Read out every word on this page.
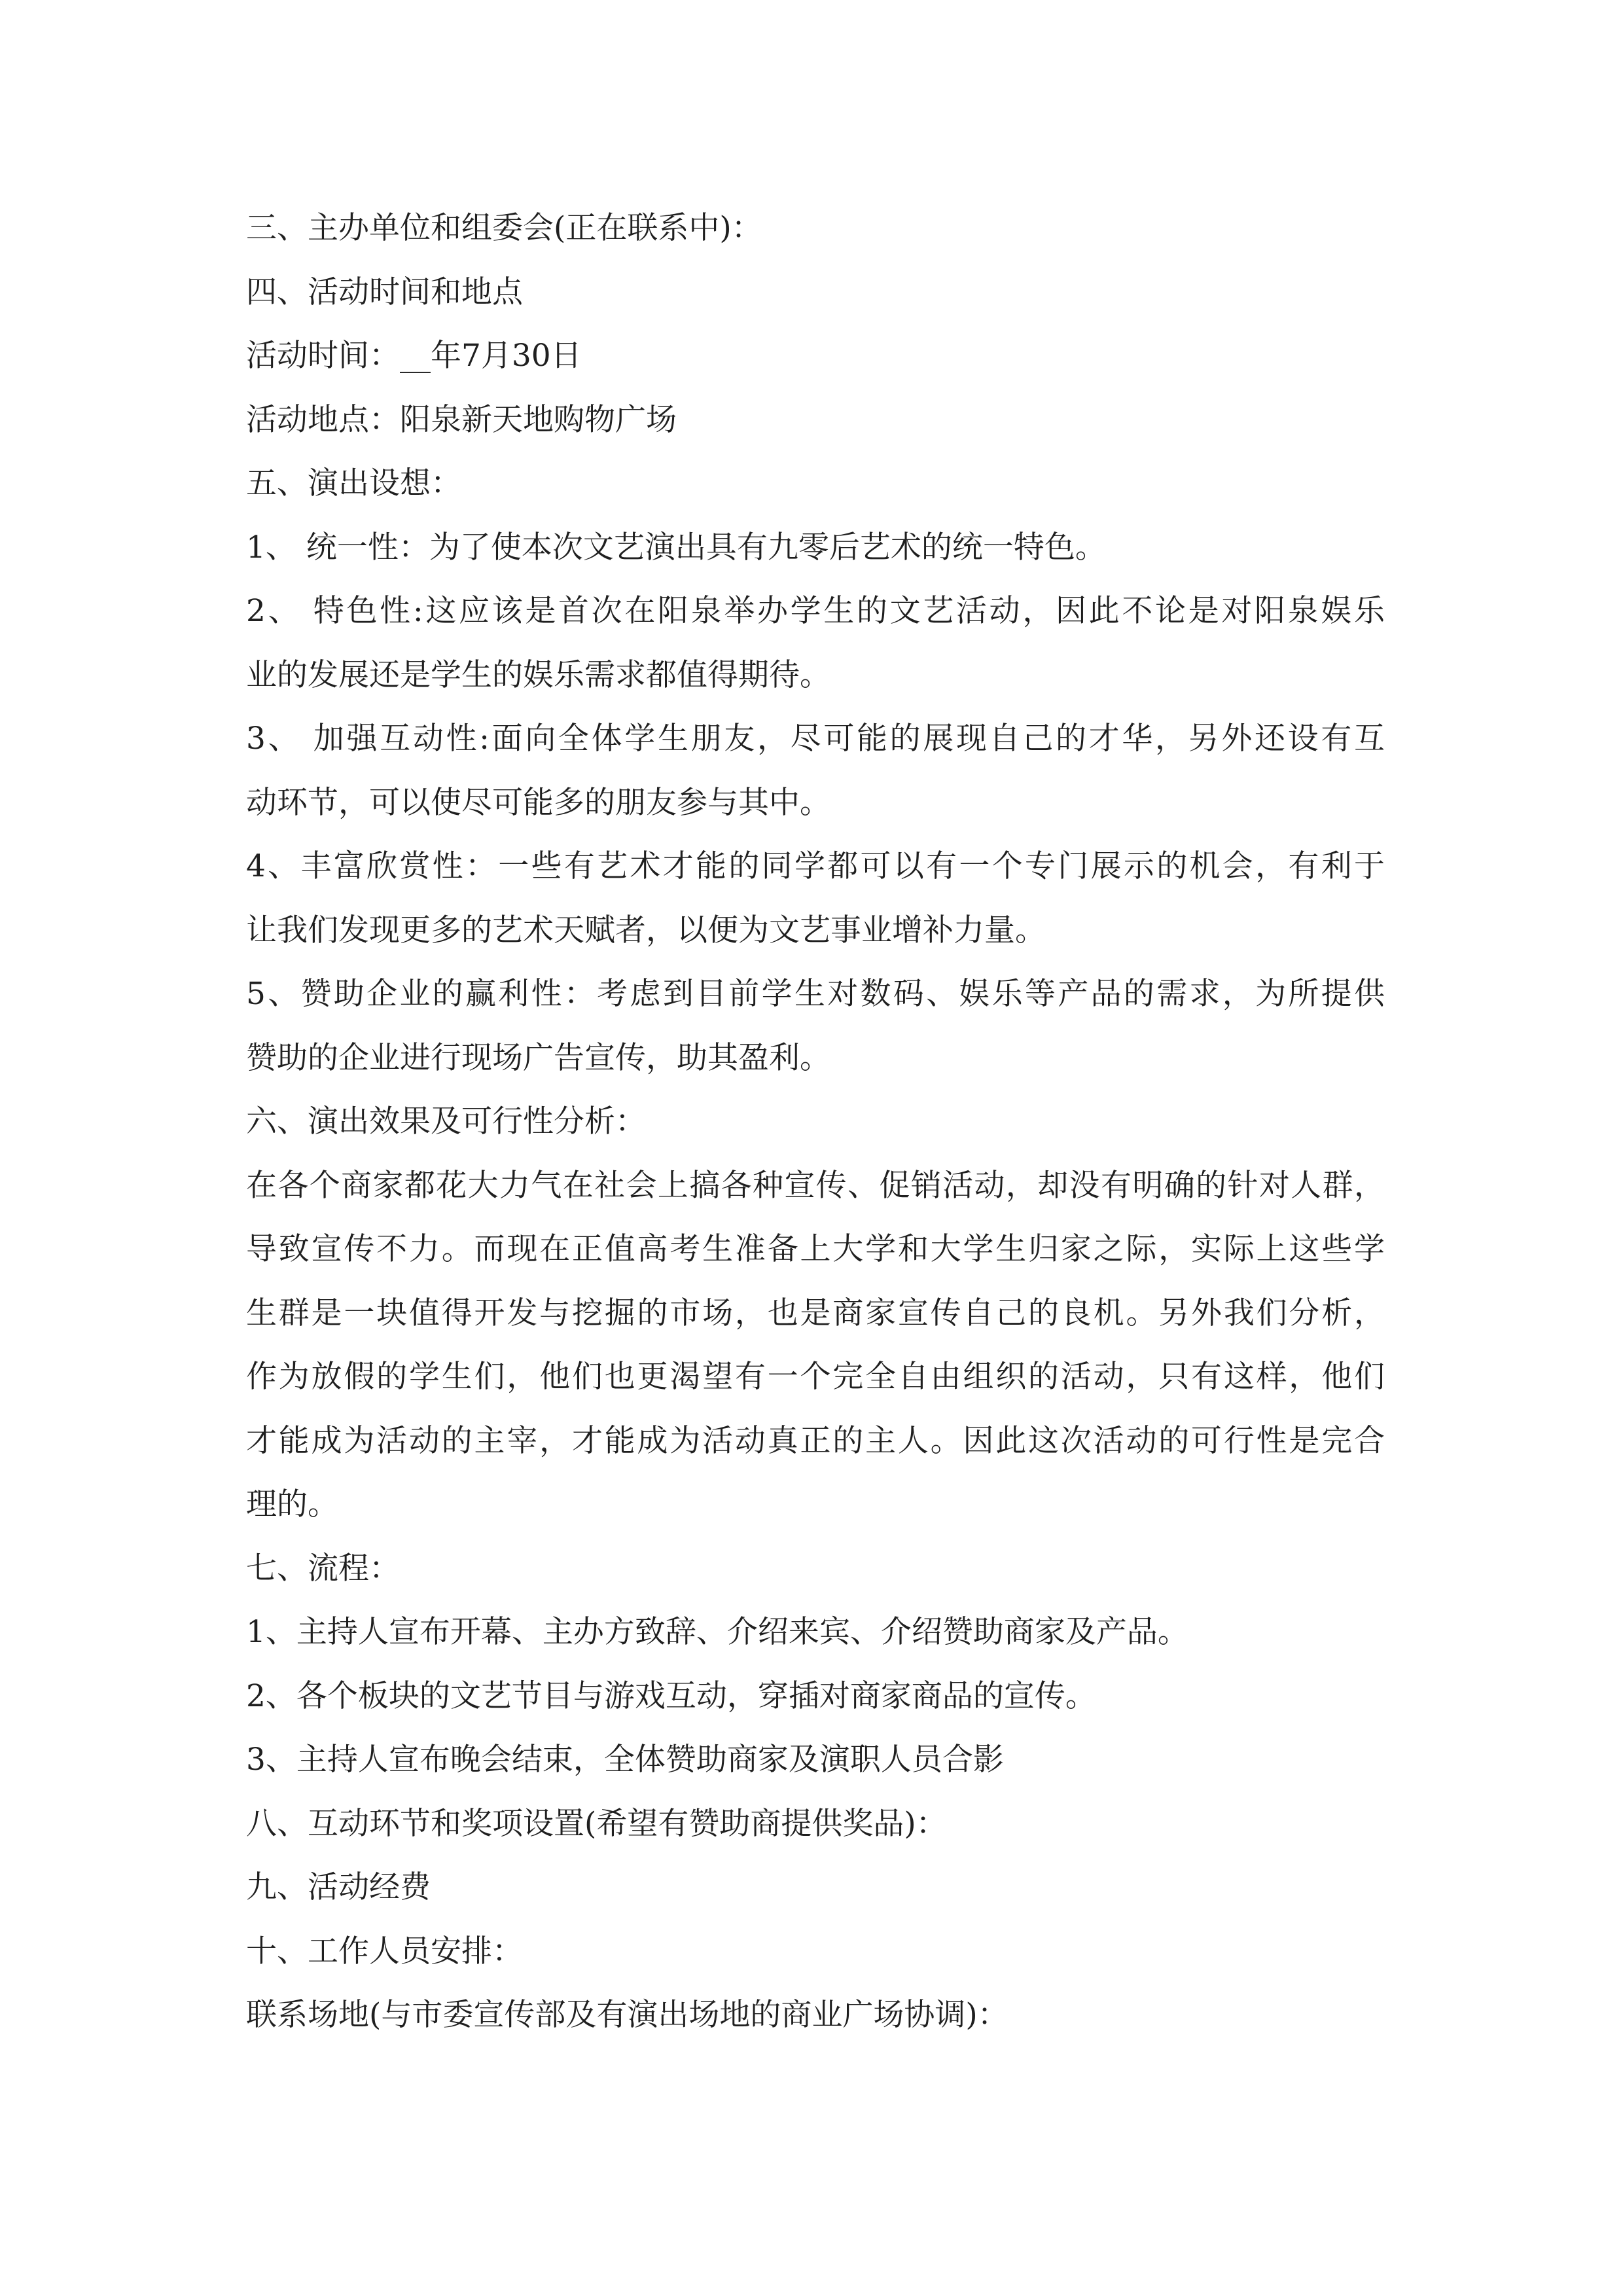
三、主办单位和组委会(正在联系中)：

四、活动时间和地点

活动时间：__年7月30日

活动地点：阳泉新天地购物广场

五、演出设想：

1、 统一性：为了使本次文艺演出具有九零后艺术的统一特色。

2、 特色性:这应该是首次在阳泉举办学生的文艺活动，因此不论是对阳泉娱乐

业的发展还是学生的娱乐需求都值得期待。

3、 加强互动性:面向全体学生朋友，尽可能的展现自己的才华，另外还设有互

动环节，可以使尽可能多的朋友参与其中。

4、丰富欣赏性：一些有艺术才能的同学都可以有一个专门展示的机会，有利于

让我们发现更多的艺术天赋者，以便为文艺事业增补力量。

5、赞助企业的赢利性：考虑到目前学生对数码、娱乐等产品的需求，为所提供

赞助的企业进行现场广告宣传，助其盈利。

六、演出效果及可行性分析：

在各个商家都花大力气在社会上搞各种宣传、促销活动，却没有明确的针对人群，

导致宣传不力。而现在正值高考生准备上大学和大学生归家之际，实际上这些学

生群是一块值得开发与挖掘的市场，也是商家宣传自己的良机。另外我们分析，

作为放假的学生们，他们也更渴望有一个完全自由组织的活动，只有这样，他们

才能成为活动的主宰，才能成为活动真正的主人。因此这次活动的可行性是完合

理的。

七、流程：

1、主持人宣布开幕、主办方致辞、介绍来宾、介绍赞助商家及产品。

2、各个板块的文艺节目与游戏互动，穿插对商家商品的宣传。

3、主持人宣布晚会结束，全体赞助商家及演职人员合影

八、互动环节和奖项设置(希望有赞助商提供奖品)：

九、活动经费

十、工作人员安排：

联系场地(与市委宣传部及有演出场地的商业广场协调)：
